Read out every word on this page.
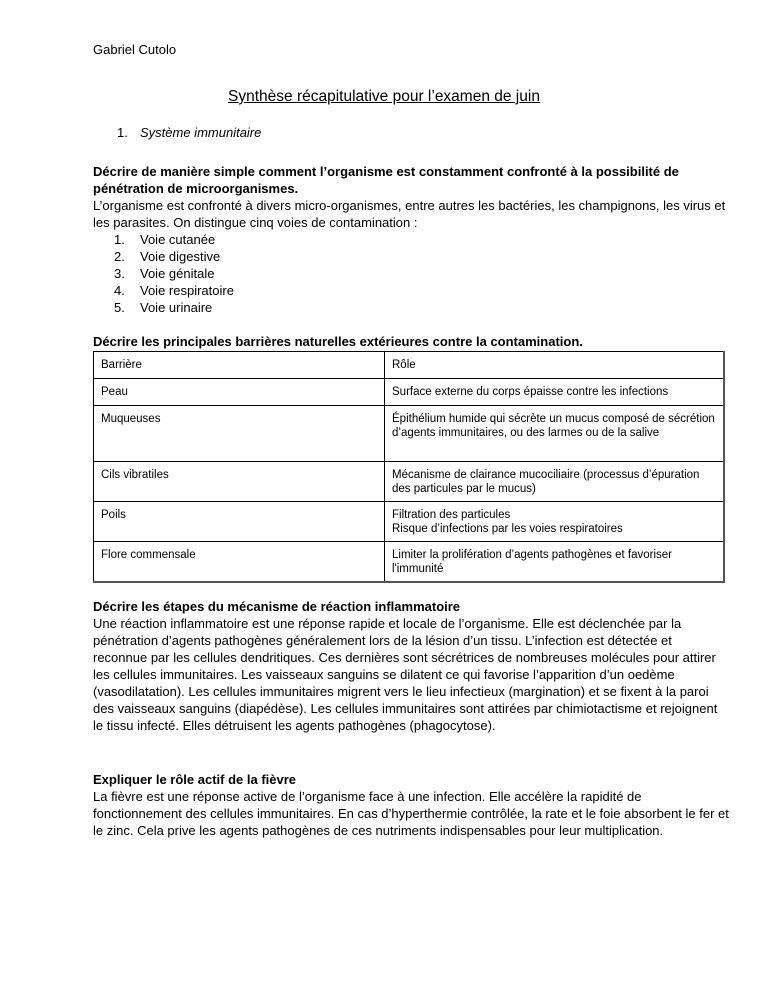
Gabriel Cutolo
Synthèse récapitulative pour l’examen de juin
1. Système immunitaire
Décrire de manière simple comment l’organisme est constamment confronté à la possibilité de pénétration de microorganismes.
L’organisme est confronté à divers micro-organismes, entre autres les bactéries, les champignons, les virus et les parasites. On distingue cinq voies de contamination :
1.	Voie cutanée
2.	Voie digestive
3.	Voie génitale
4.	Voie respiratoire
5.	Voie urinaire
Décrire les principales barrières naturelles extérieures contre la contamination.
Barrière	Rôle
Peau	Surface externe du corps épaisse contre les infections
Muqueuses	Épithélium humide qui sécrète un mucus composé de sécrétion d’agents immunitaires, ou des larmes ou de la salive
Cils vibratiles	Mécanisme de clairance mucociliaire (processus d’épuration des particules par le mucus)
Poils	Filtration des particules
Risque d’infections par les voies respiratoires

Flore commensale	Limiter la prolifération d’agents pathogènes et favoriser l'immunité
Décrire les étapes du mécanisme de réaction inflammatoire
Une réaction inflammatoire est une réponse rapide et locale de l’organisme. Elle est déclenchée par la pénétration d’agents pathogènes généralement lors de la lésion d’un tissu. L’infection est détectée et reconnue par les cellules dendritiques. Ces dernières sont sécrétrices de nombreuses molécules pour attirer les cellules immunitaires. Les vaisseaux sanguins se dilatent ce qui favorise l’apparition d’un oedème (vasodilatation). Les cellules immunitaires migrent vers le lieu infectieux (margination) et se fixent à la paroi des vaisseaux sanguins (diapédèse). Les cellules immunitaires sont attirées par chimiotactisme et rejoignent le tissu infecté. Elles détruisent les agents pathogènes (phagocytose).
Expliquer le rôle actif de la fièvre
La fièvre est une réponse active de l’organisme face à une infection. Elle accélère la rapidité de fonctionnement des cellules immunitaires. En cas d’hyperthermie contrôlée, la rate et le foie absorbent le fer et le zinc. Cela prive les agents pathogènes de ces nutriments indispensables pour leur multiplication.
